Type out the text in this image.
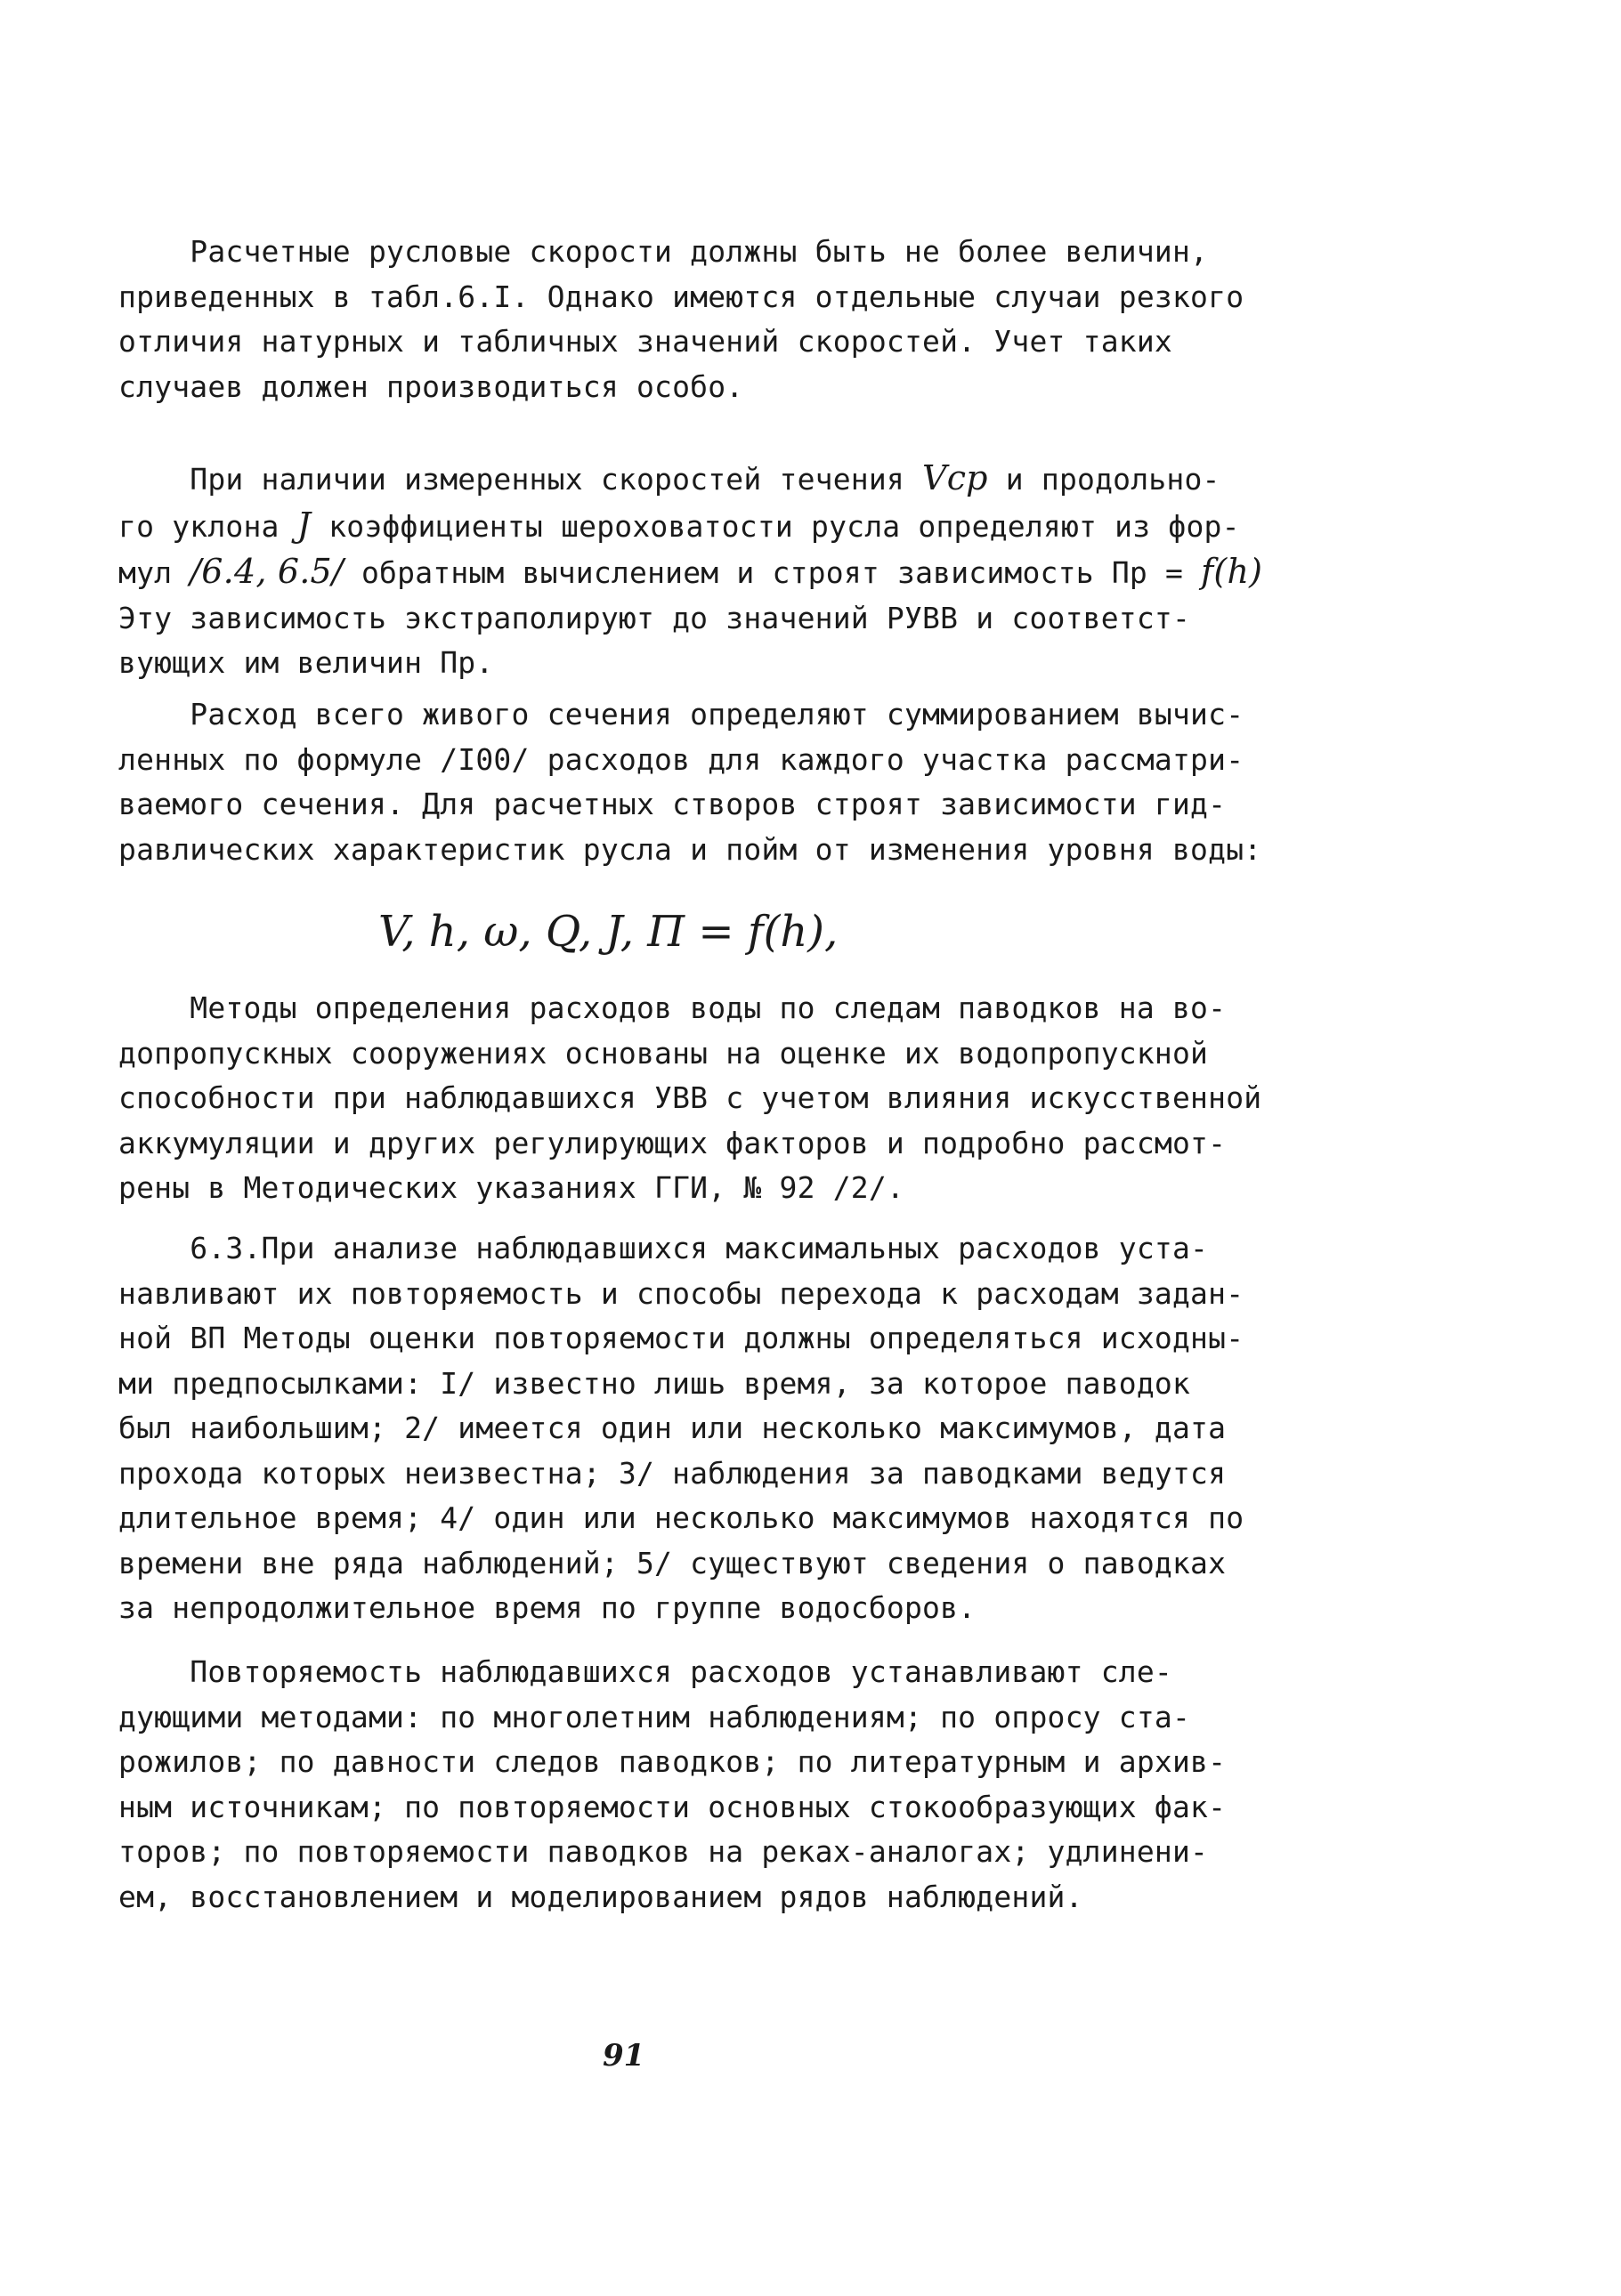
Расчетные русловые скорости должны быть не более величин,
приведенных в табл.6.I. Однако имеются отдельные случаи резкого
отличия натурных и табличных значений скоростей. Учет таких
случаев должен производиться особо.
При наличии измеренных скоростей течения Vср и продольно-
го уклона J коэффициенты шероховатости русла определяют из фор-
мул /6.4, 6.5/ обратным вычислением и строят зависимость Пр = f(h)
Эту зависимость экстраполируют до значений РУВВ и соответст-
вующих им величин Пр.
Расход всего живого сечения определяют суммированием вычис-
ленных по формуле /I00/ расходов для каждого участка рассматри-
ваемого сечения. Для расчетных створов строят зависимости гид-
равлических характеристик русла и пойм от изменения уровня воды:
V, h, ω, Q, J, П = f(h),
Методы определения расходов воды по следам паводков на во-
допропускных сооружениях основаны на оценке их водопропускной
способности при наблюдавшихся УВВ с учетом влияния искусственной
аккумуляции и других регулирующих факторов и подробно рассмот-
рены в Методических указаниях ГГИ, № 92 /2/.
6.3.При анализе наблюдавшихся максимальных расходов уста-
навливают их повторяемость и способы перехода к расходам задан-
ной ВП Методы оценки повторяемости должны определяться исходны-
ми предпосылками: I/ известно лишь время, за которое паводок
был наибольшим; 2/ имеется один или несколько максимумов, дата
прохода которых неизвестна; 3/ наблюдения за паводками ведутся
длительное время; 4/ один или несколько максимумов находятся по
времени вне ряда наблюдений; 5/ существуют сведения о паводках
за непродолжительное время по группе водосборов.
Повторяемость наблюдавшихся расходов устанавливают сле-
дующими методами: по многолетним наблюдениям; по опросу ста-
рожилов; по давности следов паводков; по литературным и архив-
ным источникам; по повторяемости основных стокообразующих фак-
торов; по повторяемости паводков на реках-аналогах; удлинени-
ем, восстановлением и моделированием рядов наблюдений.
91
